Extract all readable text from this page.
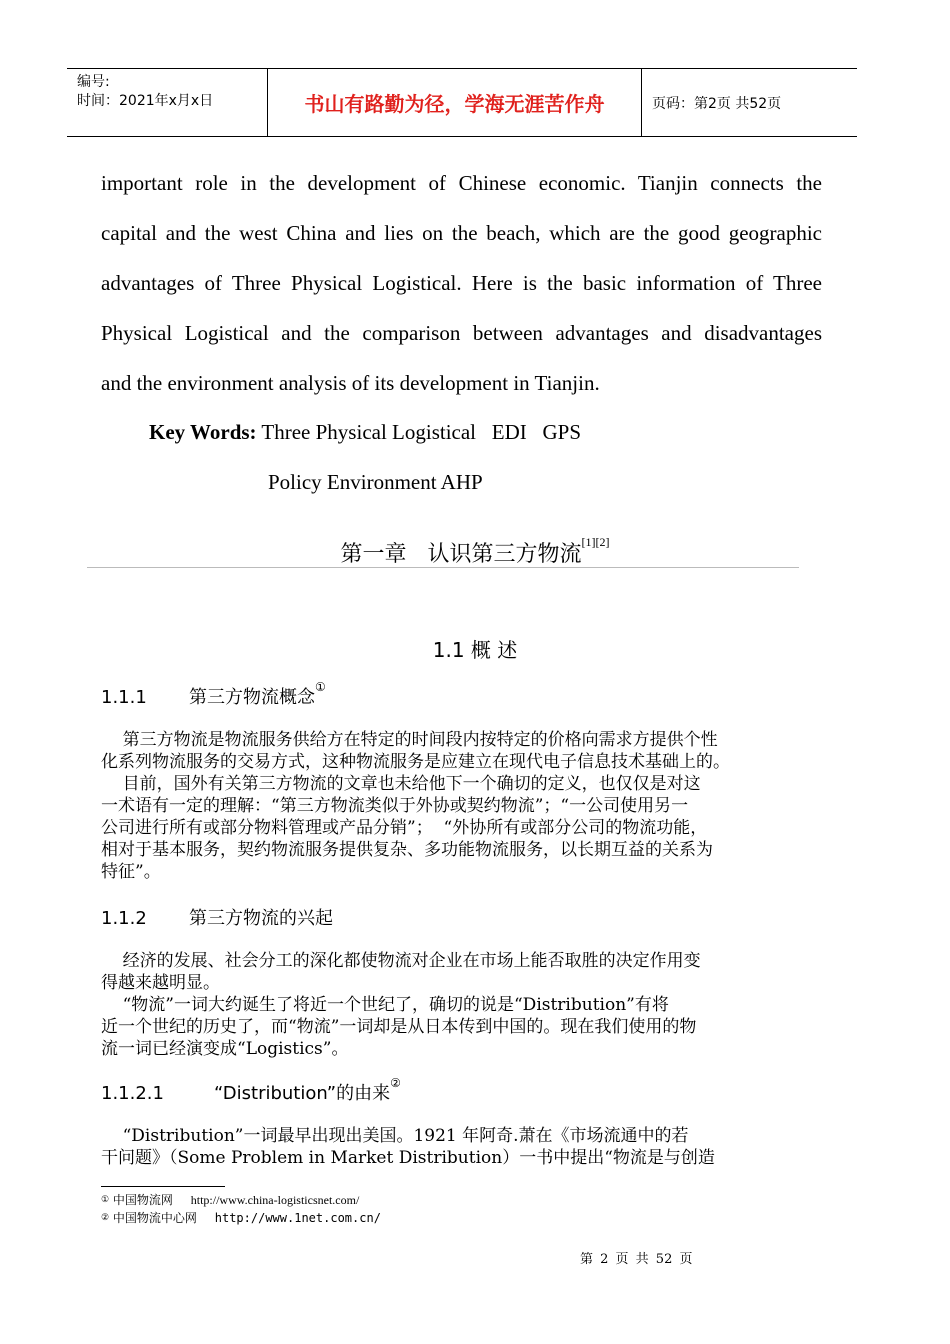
编号:
时间：2021年x月x日	书山有路勤为径，学海无涯苦作舟	页码：第2页 共52页
important role in the development of Chinese economic. Tianjin connects the
capital and the west China and lies on the beach, which are the good geographic
advantages of Three Physical Logistical. Here is the basic information of Three
Physical Logistical and the comparison between advantages and disadvantages
and the environment analysis of its development in Tianjin.
Key Words: Three Physical Logistical   EDI   GPS
Policy Environment AHP
第一章   认识第三方物流[1][2]
1.1 概 述
1.1.1 第三方物流概念①
第三方物流是物流服务供给方在特定的时间段内按特定的价格向需求方提供个性
化系列物流服务的交易方式，这种物流服务是应建立在现代电子信息技术基础上的。
目前，国外有关第三方物流的文章也未给他下一个确切的定义，也仅仅是对这
一术语有一定的理解：“第三方物流类似于外协或契约物流”；“一公司使用另一
公司进行所有或部分物料管理或产品分销”；  “外协所有或部分公司的物流功能，
相对于基本服务，契约物流服务提供复杂、多功能物流服务，以长期互益的关系为
特征”。
1.1.2 第三方物流的兴起
经济的发展、社会分工的深化都使物流对企业在市场上能否取胜的决定作用变
得越来越明显。
“物流”一词大约诞生了将近一个世纪了，确切的说是“Distribution”有将
近一个世纪的历史了，而“物流”一词却是从日本传到中国的。现在我们使用的物
流一词已经演变成“Logistics”。
1.1.2.1	“Distribution”的由来②
“Distribution”一词最早出现出美国。1921 年阿奇.萧在《市场流通中的若
干问题》（Some Problem in Market Distribution）一书中提出“物流是与创造
① 中国物流网 http://www.china-logisticsnet.com/
② 中国物流中心网 http://www.1net.com.cn/
第 2 页 共 52 页
